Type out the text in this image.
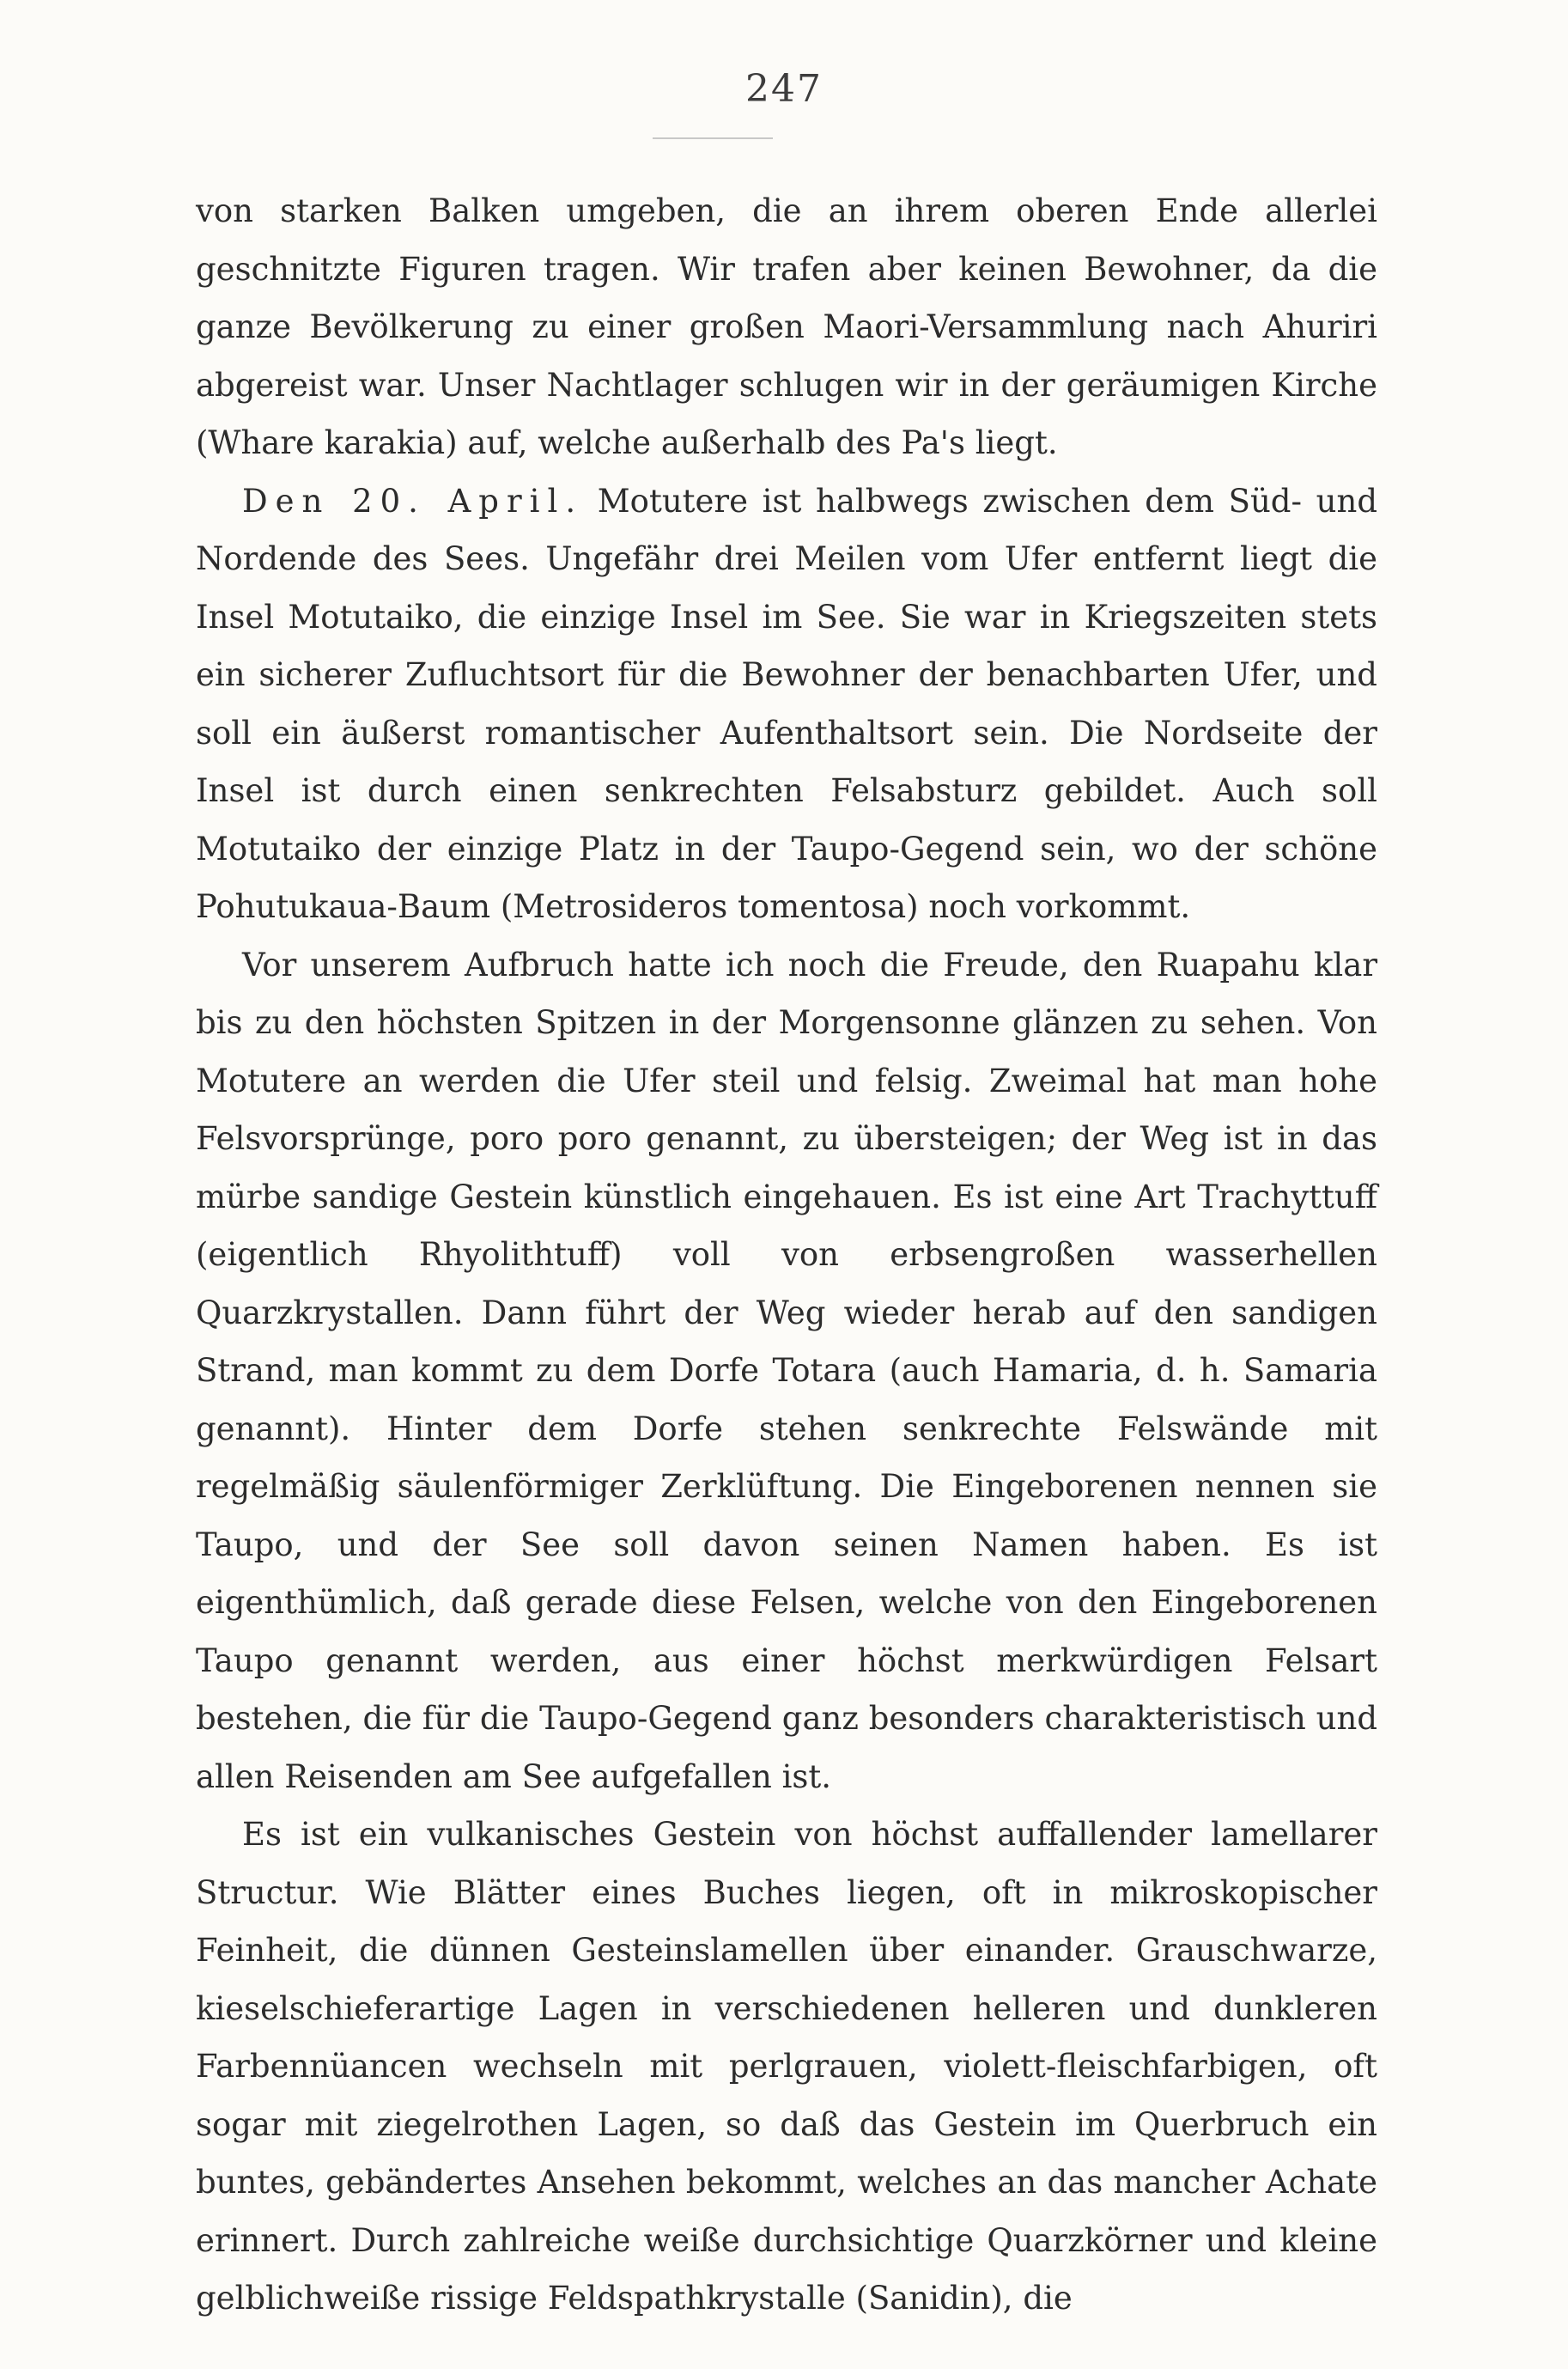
247

von starken Balken umgeben, die an ihrem oberen Ende allerlei geschnitzte Figuren tragen. Wir trafen aber keinen Bewohner, da die ganze Bevölkerung zu einer großen Maori-Versammlung nach Ahuriri abgereist war. Unser Nachtlager schlugen wir in der geräumigen Kirche (Whare karakia) auf, welche außerhalb des Pa's liegt.

Den 20. April. Motutere ist halbwegs zwischen dem Süd- und Nordende des Sees. Ungefähr drei Meilen vom Ufer entfernt liegt die Insel Motutaiko, die einzige Insel im See. Sie war in Kriegszeiten stets ein sicherer Zufluchtsort für die Bewohner der benachbarten Ufer, und soll ein äußerst romantischer Aufenthaltsort sein. Die Nordseite der Insel ist durch einen senkrechten Felsabsturz gebildet. Auch soll Motutaiko der einzige Platz in der Taupo-Gegend sein, wo der schöne Pohutukaua-Baum (Metrosideros tomentosa) noch vorkommt.

Vor unserem Aufbruch hatte ich noch die Freude, den Ruapahu klar bis zu den höchsten Spitzen in der Morgensonne glänzen zu sehen. Von Motutere an werden die Ufer steil und felsig. Zweimal hat man hohe Felsvorsprünge, poro poro genannt, zu übersteigen; der Weg ist in das mürbe sandige Gestein künstlich eingehauen. Es ist eine Art Trachyttuff (eigentlich Rhyolithtuff) voll von erbsengroßen wasserhellen Quarzkrystallen. Dann führt der Weg wieder herab auf den sandigen Strand, man kommt zu dem Dorfe Totara (auch Hamaria, d. h. Samaria genannt). Hinter dem Dorfe stehen senkrechte Felswände mit regelmäßig säulenförmiger Zerklüftung. Die Eingeborenen nennen sie Taupo, und der See soll davon seinen Namen haben. Es ist eigenthümlich, daß gerade diese Felsen, welche von den Eingeborenen Taupo genannt werden, aus einer höchst merkwürdigen Felsart bestehen, die für die Taupo-Gegend ganz besonders charakteristisch und allen Reisenden am See aufgefallen ist.

Es ist ein vulkanisches Gestein von höchst auffallender lamellarer Structur. Wie Blätter eines Buches liegen, oft in mikroskopischer Feinheit, die dünnen Gesteinslamellen über einander. Grauschwarze, kieselschieferartige Lagen in verschiedenen helleren und dunkleren Farbennüancen wechseln mit perlgrauen, violett-fleischfarbigen, oft sogar mit ziegelrothen Lagen, so daß das Gestein im Querbruch ein buntes, gebändertes Ansehen bekommt, welches an das mancher Achate erinnert. Durch zahlreiche weiße durchsichtige Quarzkörner und kleine gelblichweiße rissige Feldspathkrystalle (Sanidin), die
